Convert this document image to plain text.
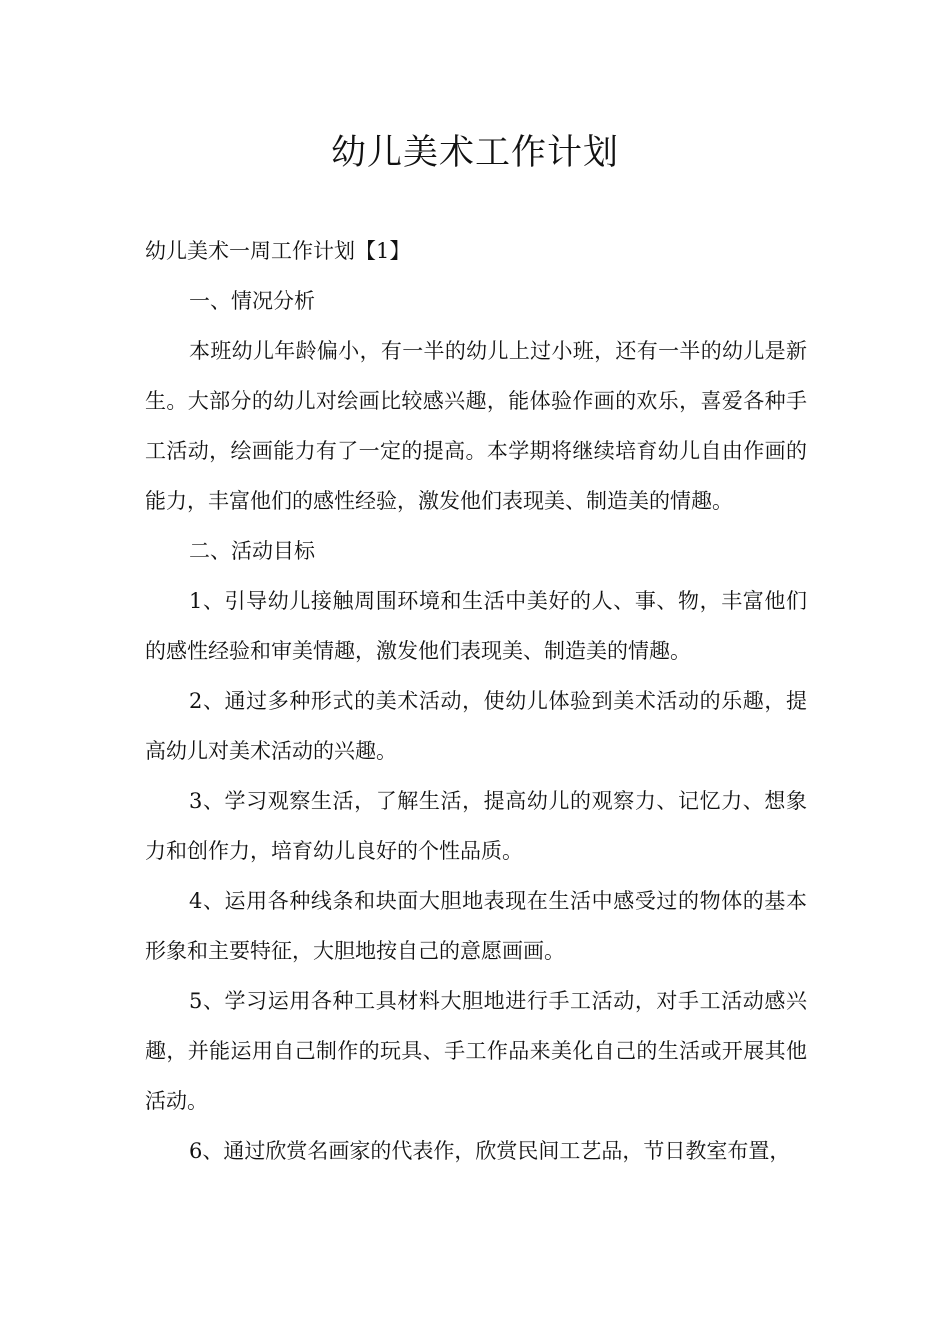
幼儿美术工作计划

幼儿美术一周工作计划【1】

一、情况分析

本班幼儿年龄偏小，有一半的幼儿上过小班，还有一半的幼儿是新生。大部分的幼儿对绘画比较感兴趣，能体验作画的欢乐，喜爱各种手工活动，绘画能力有了一定的提高。本学期将继续培育幼儿自由作画的能力，丰富他们的感性经验，激发他们表现美、制造美的情趣。

二、活动目标

1、引导幼儿接触周围环境和生活中美好的人、事、物，丰富他们的感性经验和审美情趣，激发他们表现美、制造美的情趣。

2、通过多种形式的美术活动，使幼儿体验到美术活动的乐趣，提高幼儿对美术活动的兴趣。

3、学习观察生活，了解生活，提高幼儿的观察力、记忆力、想象力和创作力，培育幼儿良好的个性品质。

4、运用各种线条和块面大胆地表现在生活中感受过的物体的基本形象和主要特征，大胆地按自己的意愿画画。

5、学习运用各种工具材料大胆地进行手工活动，对手工活动感兴趣，并能运用自己制作的玩具、手工作品来美化自己的生活或开展其他活动。

6、通过欣赏名画家的代表作，欣赏民间工艺品，节日教室布置，
